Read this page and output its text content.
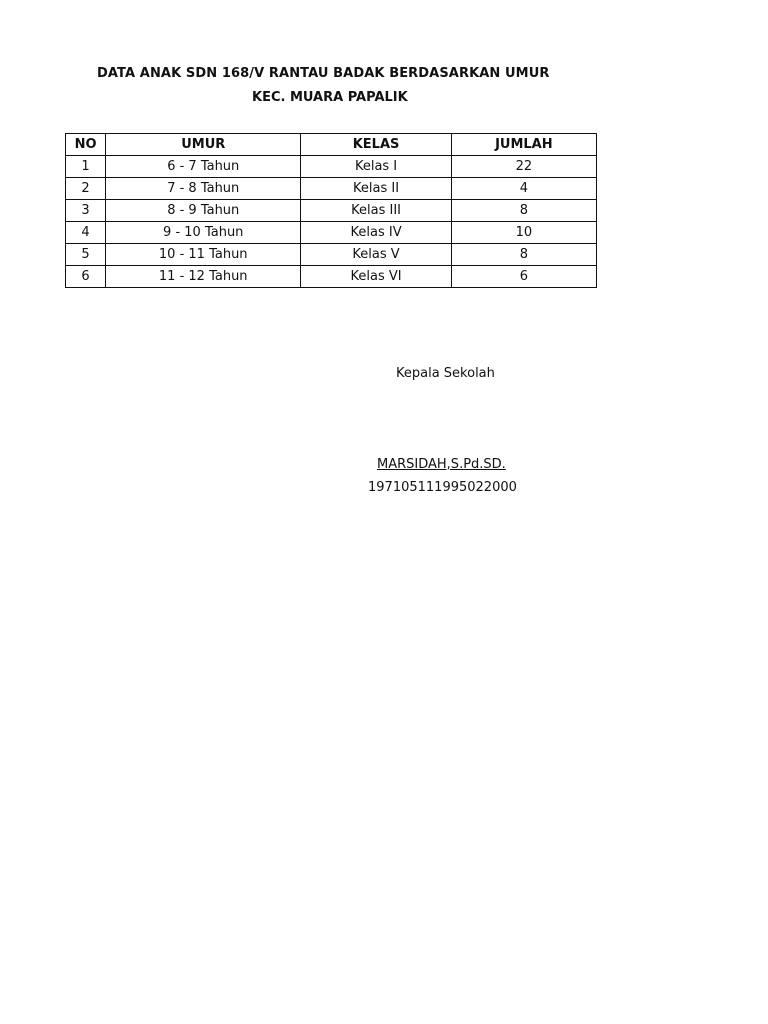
DATA ANAK SDN 168/V RANTAU BADAK BERDASARKAN UMUR
KEC. MUARA PAPALIK
NO	UMUR	KELAS	JUMLAH
1	6 - 7 Tahun	Kelas I	22
2	7 - 8 Tahun	Kelas II	4
3	8 - 9 Tahun	Kelas III	8
4	9 - 10 Tahun	Kelas IV	10
5	10 - 11 Tahun	Kelas V	8
6	11 - 12 Tahun	Kelas VI	6
Kepala Sekolah
MARSIDAH,S.Pd.SD.
197105111995022000
